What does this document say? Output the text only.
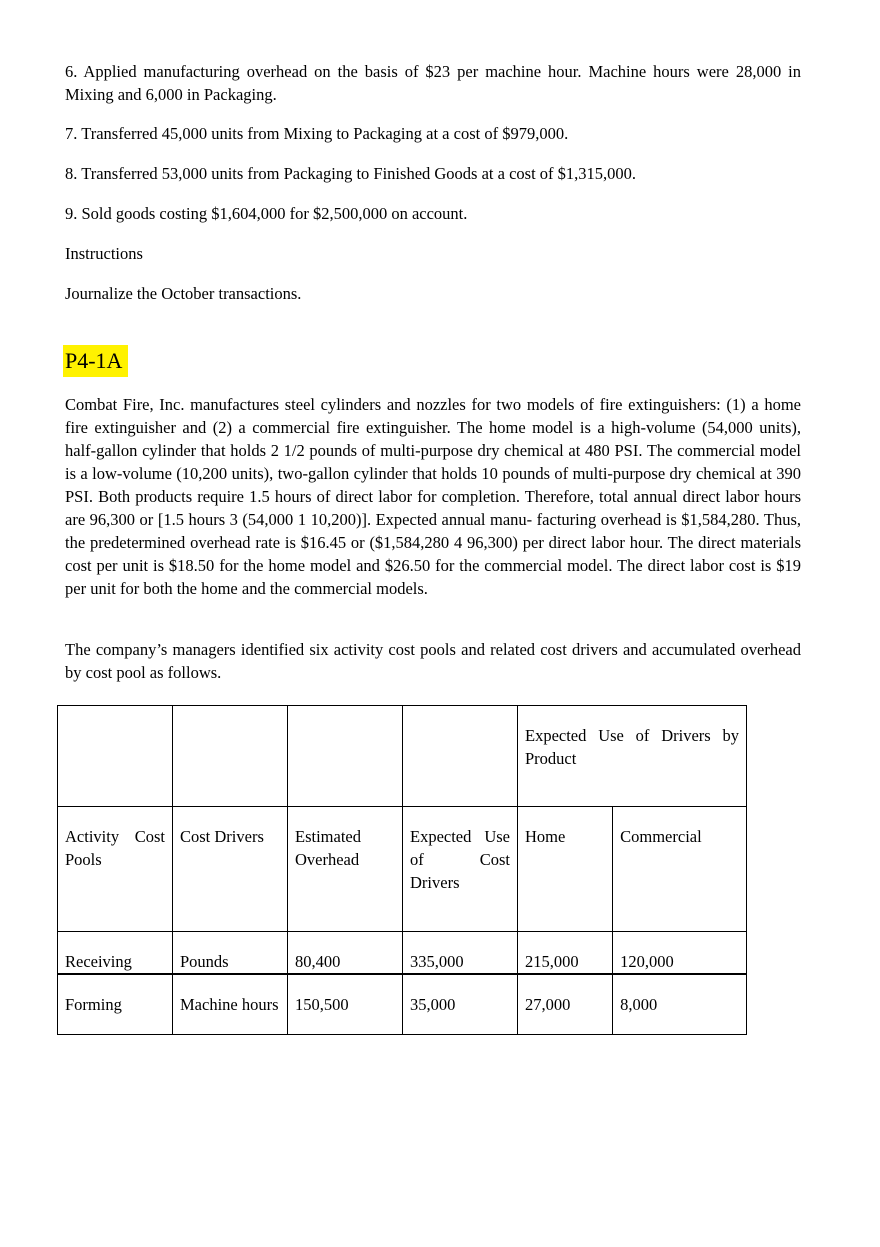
6. Applied manufacturing overhead on the basis of $23 per machine hour. Machine hours were 28,000 in Mixing and 6,000 in Packaging.

7. Transferred 45,000 units from Mixing to Packaging at a cost of $979,000.

8. Transferred 53,000 units from Packaging to Finished Goods at a cost of $1,315,000.

9. Sold goods costing $1,604,000 for $2,500,000 on account.

Instructions

Journalize the October transactions.

P4-1A

Combat Fire, Inc. manufactures steel cylinders and nozzles for two models of fire extinguishers: (1) a home fire extinguisher and (2) a commercial fire extinguisher. The home model is a high-volume (54,000 units), half-gallon cylinder that holds 2 1/2 pounds of multi-purpose dry chemical at 480 PSI. The commercial model is a low-volume (10,200 units), two-gallon cylinder that holds 10 pounds of multi-purpose dry chemical at 390 PSI. Both products require 1.5 hours of direct labor for completion. Therefore, total annual direct labor hours are 96,300 or [1.5 hours 3 (54,000 1 10,200)]. Expected annual manu- facturing overhead is $1,584,280. Thus, the predetermined overhead rate is $16.45 or ($1,584,280 4 96,300) per direct labor hour. The direct materials cost per unit is $18.50 for the home model and $26.50 for the commercial model. The direct labor cost is $19 per unit for both the home and the commercial models.

The company’s managers identified six activity cost pools and related cost drivers and accumulated overhead by cost pool as follows.

				Expected Use of Drivers by Product	
Activity Cost Pools	Cost Drivers	Estimated Overhead	Expected Use of Cost Drivers	Home	Commercial
Receiving	Pounds	80,400	335,000	215,000	120,000
Forming	Machine hours	150,500	35,000	27,000	8,000
